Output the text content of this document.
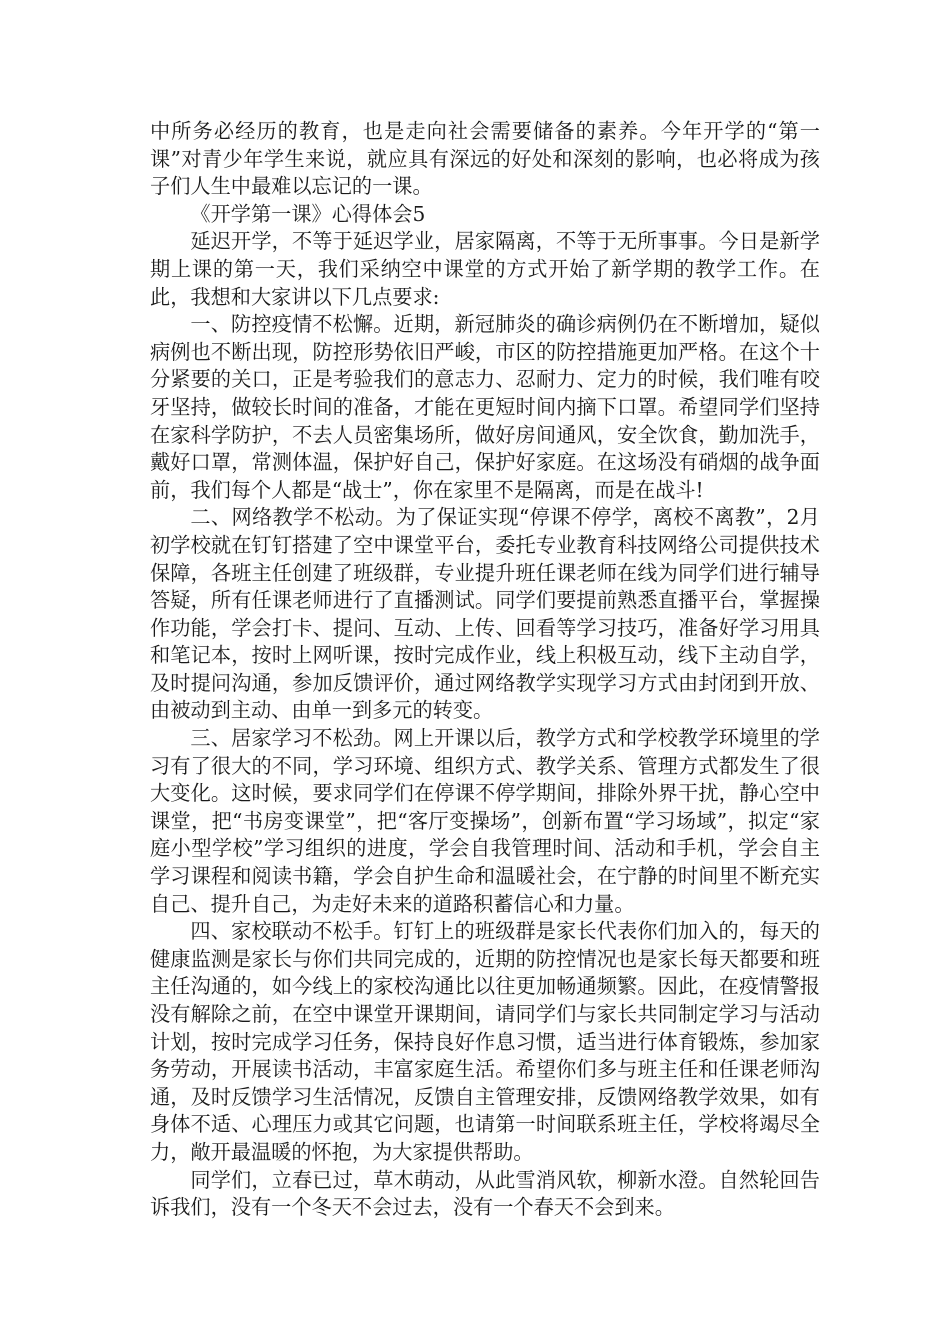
中所务必经历的教育，也是走向社会需要储备的素养。今年开学的“第一课”对青少年学生来说，就应具有深远的好处和深刻的影响，也必将成为孩子们人生中最难以忘记的一课。

《开学第一课》心得体会5

延迟开学，不等于延迟学业，居家隔离，不等于无所事事。今日是新学期上课的第一天，我们采纳空中课堂的方式开始了新学期的教学工作。在此，我想和大家讲以下几点要求:

一、防控疫情不松懈。近期，新冠肺炎的确诊病例仍在不断增加，疑似病例也不断出现，防控形势依旧严峻，市区的防控措施更加严格。在这个十分紧要的关口，正是考验我们的意志力、忍耐力、定力的时候，我们唯有咬牙坚持，做较长时间的准备，才能在更短时间内摘下口罩。希望同学们坚持在家科学防护，不去人员密集场所，做好房间通风，安全饮食，勤加洗手，戴好口罩，常测体温，保护好自己，保护好家庭。在这场没有硝烟的战争面前，我们每个人都是“战士”，你在家里不是隔离，而是在战斗!

二、网络教学不松动。为了保证实现“停课不停学，离校不离教”，2月初学校就在钉钉搭建了空中课堂平台，委托专业教育科技网络公司提供技术保障，各班主任创建了班级群，专业提升班任课老师在线为同学们进行辅导答疑，所有任课老师进行了直播测试。同学们要提前熟悉直播平台，掌握操作功能，学会打卡、提问、互动、上传、回看等学习技巧，准备好学习用具和笔记本，按时上网听课，按时完成作业，线上积极互动，线下主动自学，及时提问沟通，参加反馈评价，通过网络教学实现学习方式由封闭到开放、由被动到主动、由单一到多元的转变。

三、居家学习不松劲。网上开课以后，教学方式和学校教学环境里的学习有了很大的不同，学习环境、组织方式、教学关系、管理方式都发生了很大变化。这时候，要求同学们在停课不停学期间，排除外界干扰，静心空中课堂，把“书房变课堂”，把“客厅变操场”，创新布置“学习场域”，拟定“家庭小型学校”学习组织的进度，学会自我管理时间、活动和手机，学会自主学习课程和阅读书籍，学会自护生命和温暖社会，在宁静的时间里不断充实自己、提升自己，为走好未来的道路积蓄信心和力量。

四、家校联动不松手。钉钉上的班级群是家长代表你们加入的，每天的健康监测是家长与你们共同完成的，近期的防控情况也是家长每天都要和班主任沟通的，如今线上的家校沟通比以往更加畅通频繁。因此，在疫情警报没有解除之前，在空中课堂开课期间，请同学们与家长共同制定学习与活动计划，按时完成学习任务，保持良好作息习惯，适当进行体育锻炼，参加家务劳动，开展读书活动，丰富家庭生活。希望你们多与班主任和任课老师沟通，及时反馈学习生活情况，反馈自主管理安排，反馈网络教学效果，如有身体不适、心理压力或其它问题，也请第一时间联系班主任，学校将竭尽全力，敞开最温暖的怀抱，为大家提供帮助。

同学们，立春已过，草木萌动，从此雪消风软，柳新水澄。自然轮回告诉我们，没有一个冬天不会过去，没有一个春天不会到来。
